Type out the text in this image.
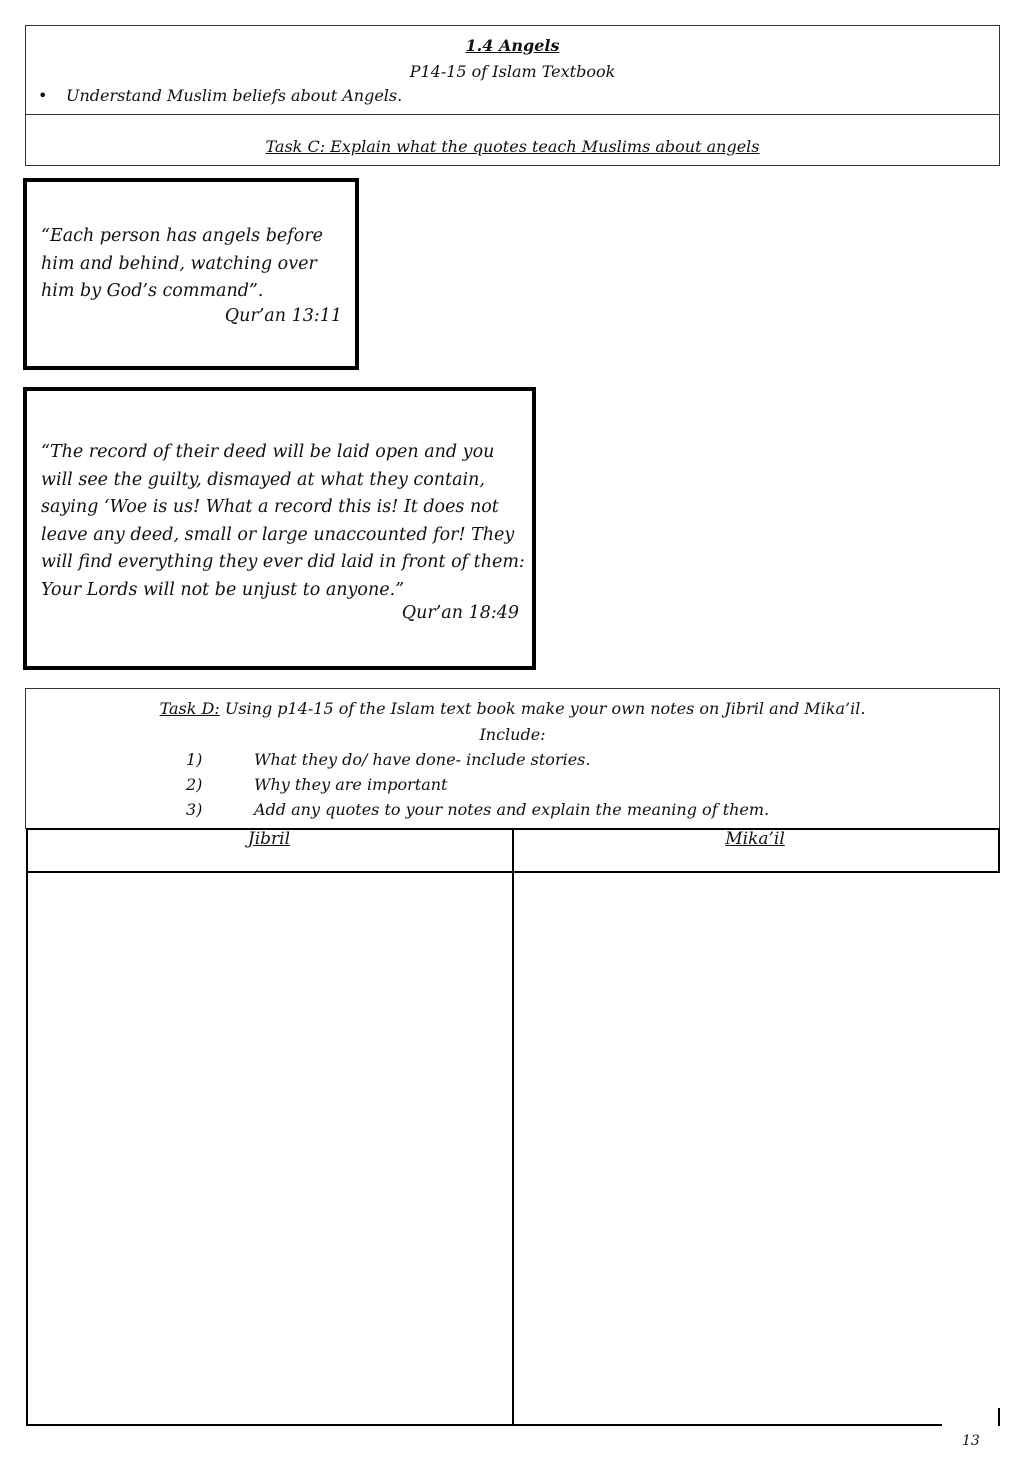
1.4 Angels
P14-15 of Islam Textbook
• Understand Muslim beliefs about Angels.
Task C: Explain what the quotes teach Muslims about angels
“Each person has angels before him and behind, watching over him by God’s command”.
Qur’an 13:11
“The record of their deed will be laid open and you will see the guilty, dismayed at what they contain, saying ‘Woe is us! What a record this is! It does not leave any deed, small or large unaccounted for! They will find everything they ever did laid in front of them: Your Lords will not be unjust to anyone.”
Qur’an 18:49
Task D: Using p14-15 of the Islam text book make your own notes on Jibril and Mika’il.
Include:
1)	What they do/ have done- include stories.
2)	Why they are important
3)	Add any quotes to your notes and explain the meaning of them.
Jibril	Mika’il
13
